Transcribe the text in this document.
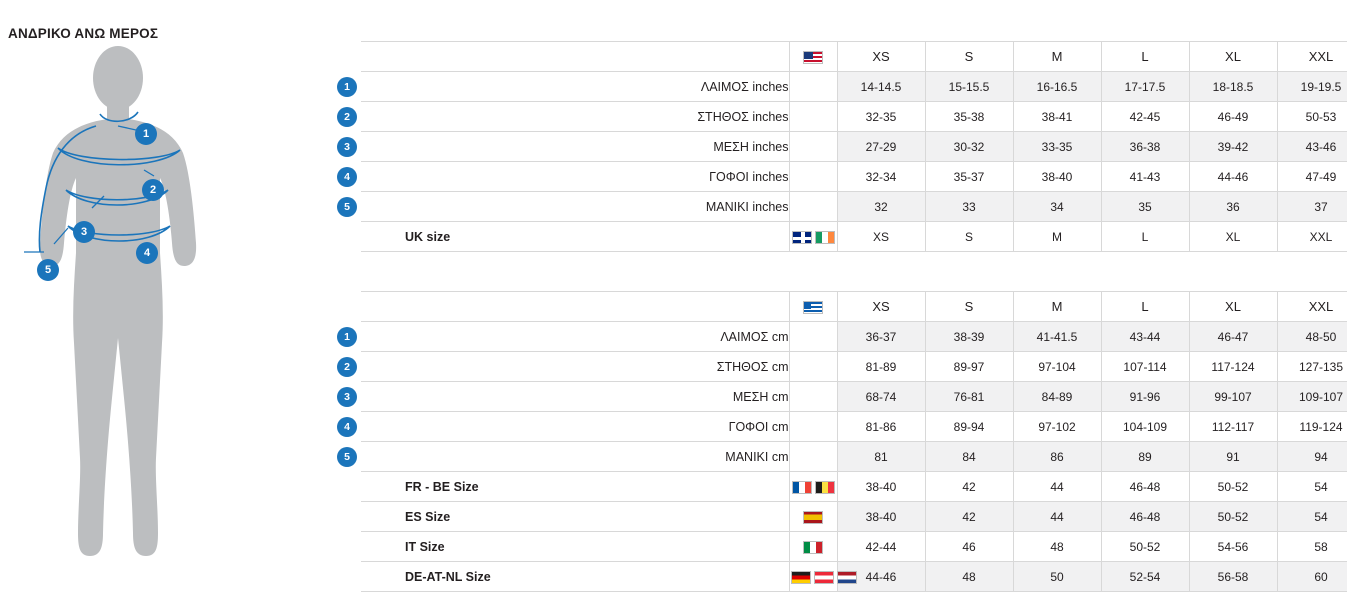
ΑΝΔΡΙΚΟ ΑΝΩ ΜΕΡΟΣ
1
2
3
4
5
			XS	S	M	L	XL	XXL
1	ΛΑΙΜΟΣ inches		14-14.5	15-15.5	16-16.5	17-17.5	18-18.5	19-19.5
2	ΣΤΗΘΟΣ inches		32-35	35-38	38-41	42-45	46-49	50-53
3	ΜΕΣΗ inches		27-29	30-32	33-35	36-38	39-42	43-46
4	ΓΟΦΟΙ inches		32-34	35-37	38-40	41-43	44-46	47-49
5	ΜΑΝΙΚΙ inches		32	33	34	35	36	37
	UK size		XS	S	M	L	XL	XXL
			XS	S	M	L	XL	XXL
1	ΛΑΙΜΟΣ cm		36-37	38-39	41-41.5	43-44	46-47	48-50
2	ΣΤΗΘΟΣ cm		81-89	89-97	97-104	107-114	117-124	127-135
3	ΜΕΣΗ cm		68-74	76-81	84-89	91-96	99-107	109-107
4	ΓΟΦΟΙ cm		81-86	89-94	97-102	104-109	112-117	119-124
5	ΜΑΝΙΚΙ cm		81	84	86	89	91	94
	FR - BE Size		38-40	42	44	46-48	50-52	54
	ES Size		38-40	42	44	46-48	50-52	54
	IT Size		42-44	46	48	50-52	54-56	58
	DE-AT-NL Size		44-46	48	50	52-54	56-58	60
